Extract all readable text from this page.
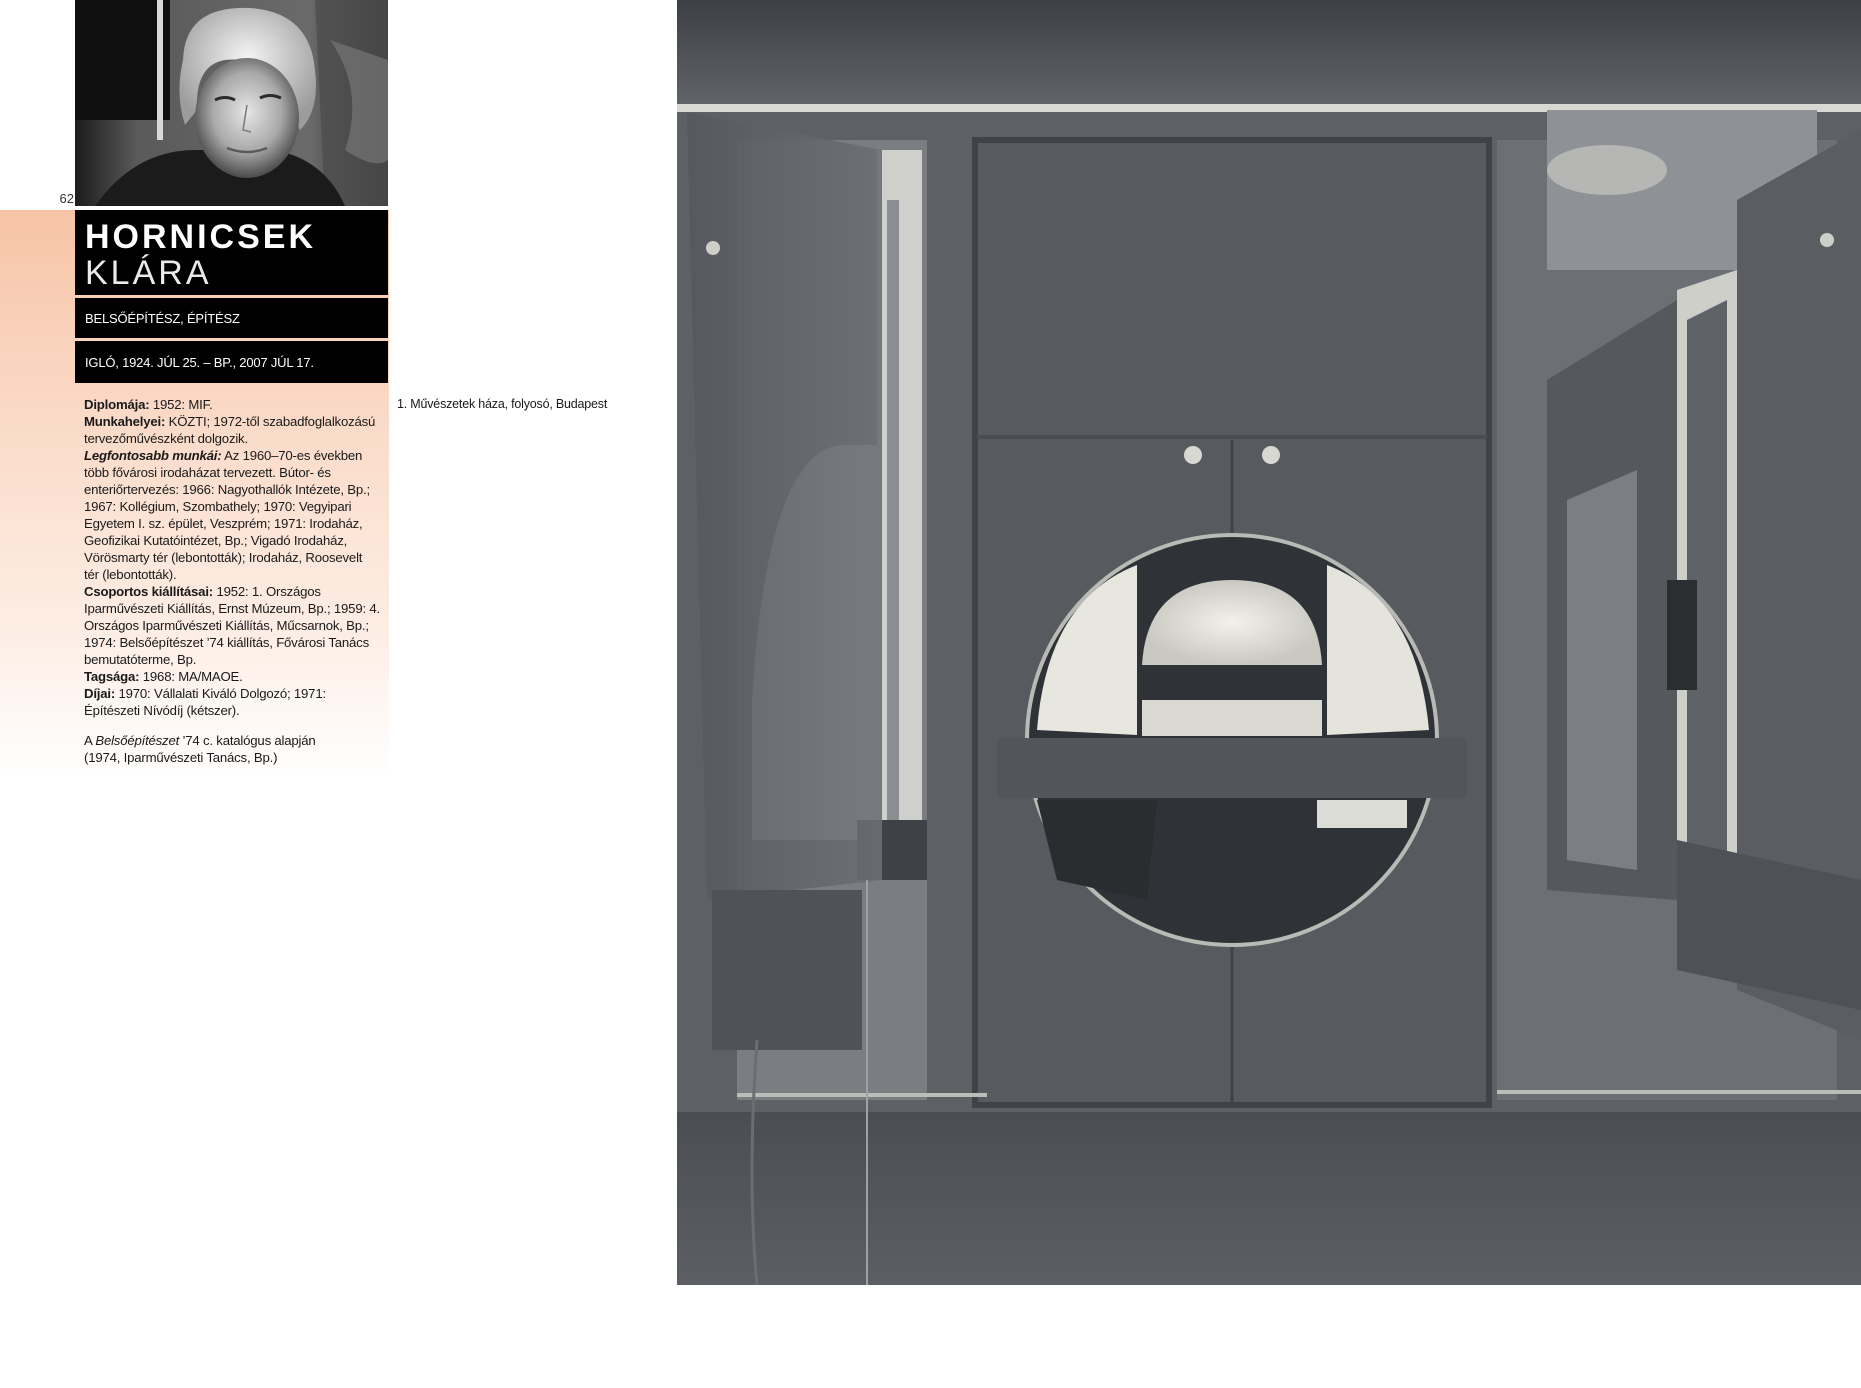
62
HORNICSEK
KLÁRA
BELSŐÉPÍTÉSZ, ÉPÍTÉSZ
IGLÓ, 1924. JÚL 25. – BP., 2007 JÚL 17.

Diplomája: 1952: MIF.

Munkahelyei: KÖZTI; 1972-től szabadfoglalkozású tervezőművészként dolgozik.

Legfontosabb munkái: Az 1960–70-es években több fővárosi irodaházat tervezett. Bútor- és enteriőrtervezés: 1966: Nagyothallók Intézete, Bp.; 1967: Kollégium, Szombathely; 1970: Vegyipari Egyetem I. sz. épület, Veszprém; 1971: Irodaház, Geofizikai Kutatóintézet, Bp.; Vigadó Irodaház, Vörösmarty tér (lebontották); Irodaház, Roosevelt tér (lebontották).

Csoportos kiállításai: 1952: 1. Országos Iparművészeti Kiállítás, Ernst Múzeum, Bp.; 1959: 4. Országos Iparművészeti Kiállítás, Műcsarnok, Bp.; 1974: Belsőépítészet ’74 kiállítás, Fővárosi Tanács bemutatóterme, Bp.

Tagsága: 1968: MA/MAOE.

Díjai: 1970: Vállalati Kiváló Dolgozó; 1971: Építészeti Nívódíj (kétszer).

A Belsőépítészet ’74 c. katalógus alapján
(1974, Iparművészeti Tanács, Bp.)
1. Művészetek háza, folyosó, Budapest
